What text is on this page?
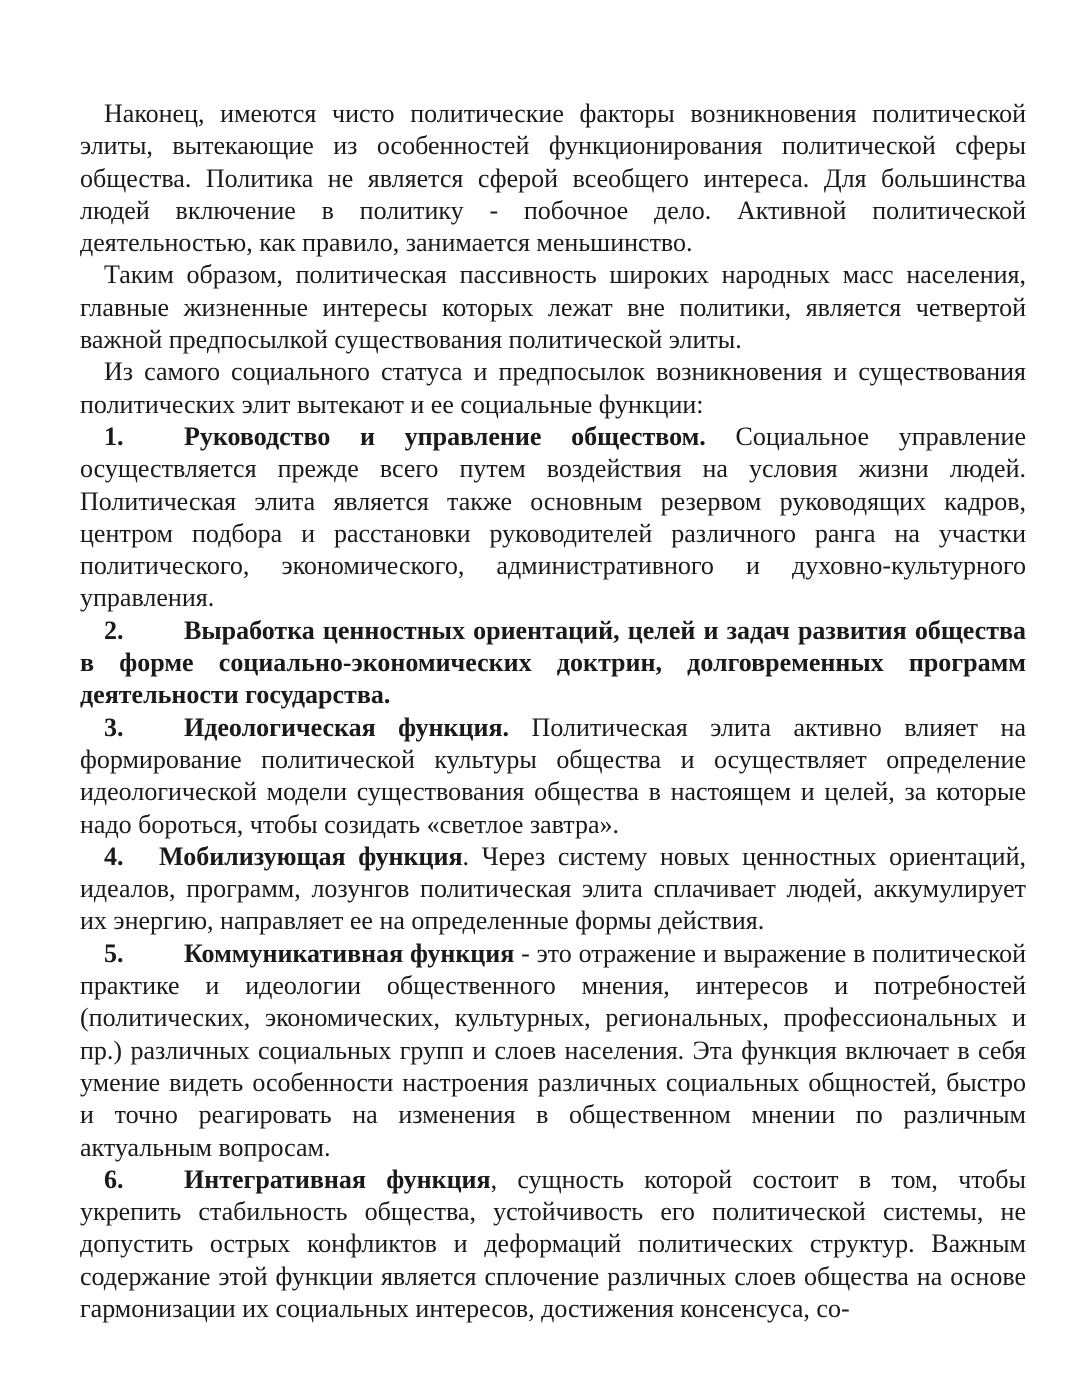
Наконец, имеются чисто политические факторы возникновения политической элиты, вытекающие из особенностей функционирования политической сферы общества. Политика не является сферой всеобщего интереса. Для большинства людей включение в политику - побочное дело. Активной политической деятельностью, как правило, занимается меньшинство.

Таким образом, политическая пассивность широких народных масс населения, главные жизненные интересы которых лежат вне политики, является четвертой важной предпосылкой существования политической элиты.

Из самого социального статуса и предпосылок возникновения и существования политических элит вытекают и ее социальные функции:

1. Руководство и управление обществом. Социальное управление осуществляется прежде всего путем воздействия на условия жизни людей. Политическая элита является также основным резервом руководящих кадров, центром подбора и расстановки руководителей различного ранга на участки политического, экономического, административного и духовно-культурного управления.

2. Выработка ценностных ориентаций, целей и задач развития общества в форме социально-экономических доктрин, долговременных программ деятельности государства.

3. Идеологическая функция. Политическая элита активно влияет на формирование политической культуры общества и осуществляет определение идеологической модели существования общества в настоящем и целей, за которые надо бороться, чтобы созидать «светлое завтра».

4. Мобилизующая функция. Через систему новых ценностных ориентаций, идеалов, программ, лозунгов политическая элита сплачивает людей, аккумулирует их энергию, направляет ее на определенные формы действия.

5. Коммуникативная функция - это отражение и выражение в политической практике и идеологии общественного мнения, интересов и потребностей (политических, экономических, культурных, региональных, профессиональных и пр.) различных социальных групп и слоев населения. Эта функция включает в себя умение видеть особенности настроения различных социальных общностей, быстро и точно реагировать на изменения в общественном мнении по различным актуальным вопросам.

6. Интегративная функция, сущность которой состоит в том, чтобы укрепить стабильность общества, устойчивость его политической системы, не допустить острых конфликтов и деформаций политических структур. Важным содержание этой функции является сплочение различных слоев общества на основе гармонизации их социальных интересов, достижения консенсуса, со-
